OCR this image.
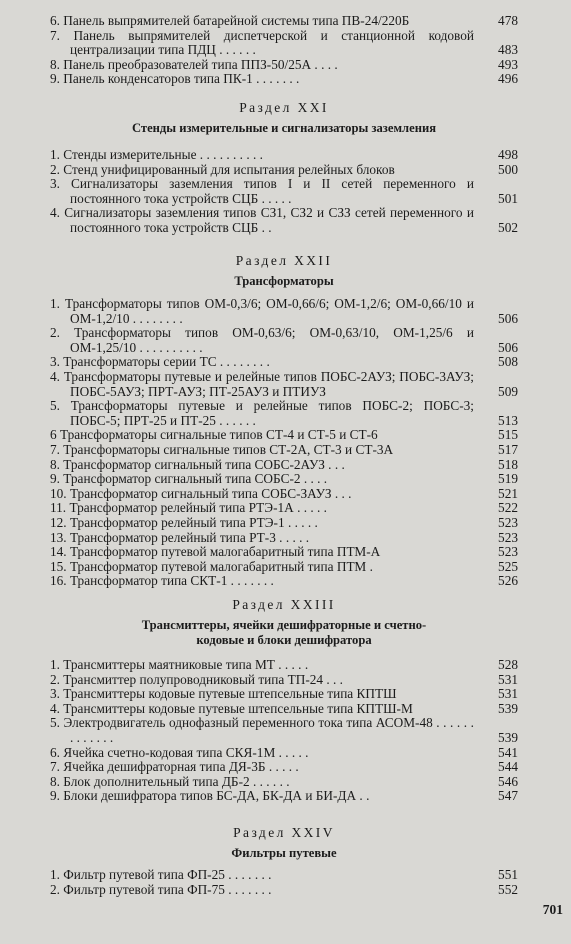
6. Панель выпрямителей батарейной системы типа ПВ-24/220Б	478
7. Панель выпрямителей диспетчерской и станционной кодовой централизации типа ПДЦ . . . . . .	483
8. Панель преобразователей типа ППЗ-50/25А . . . .	493
9. Панель конденсаторов типа ПК-1 . . . . . . .	496
Раздел XXI
Стенды измерительные и сигнализаторы заземления
1. Стенды измерительные . . . . . . . . . .	498
2. Стенд унифицированный для испытания релейных блоков	500
3. Сигнализаторы заземления типов I и II сетей переменного и постоянного тока устройств СЦБ . . . . .	501
4. Сигнализаторы заземления типов СЗ1, СЗ2 и СЗЗ сетей переменного и постоянного тока устройств СЦБ . .	502
Раздел XXII
Трансформаторы
1. Трансформаторы типов ОМ-0,3/6; ОМ-0,66/6; ОМ-1,2/6; ОМ-0,66/10 и ОМ-1,2/10 . . . . . . . .	506
2. Трансформаторы типов ОМ-0,63/6; ОМ-0,63/10, ОМ-1,25/6 и ОМ-1,25/10 . . . . . . . . . .	506
3. Трансформаторы серии ТС . . . . . . . .	508
4. Трансформаторы путевые и релейные типов ПОБС-2АУЗ; ПОБС-3АУЗ; ПОБС-5АУЗ; ПРТ-АУЗ; ПТ-25АУЗ и ПТИУЗ	509
5. Трансформаторы путевые и релейные типов ПОБС-2; ПОБС-3; ПОБС-5; ПРТ-25 и ПТ-25 . . . . . .	513
6 Трансформаторы сигнальные типов СТ-4 и СТ-5 и СТ-6	515
7. Трансформаторы сигнальные типов СТ-2А, СТ-3 и СТ-3А	517
8. Трансформатор сигнальный типа СОБС-2АУЗ . . .	518
9. Трансформатор сигнальный типа СОБС-2 . . . .	519
10. Трансформатор сигнальный типа СОБС-ЗАУЗ . . .	521
11. Трансформатор релейный типа РТЭ-1А . . . . .	522
12. Трансформатор релейный типа РТЭ-1 . . . . .	523
13. Трансформатор релейный типа РТ-3 . . . . .	523
14. Трансформатор путевой малогабаритный типа ПТМ-А	523
15. Трансформатор путевой малогабаритный типа ПТМ .	525
16. Трансформатор типа СКТ-1 . . . . . . .	526
Раздел XXIII
Трансмиттеры, ячейки дешифраторные и счетно-кодовые и блоки дешифратора
1. Трансмиттеры маятниковые типа МТ . . . . .	528
2. Трансмиттер полупроводниковый типа ТП-24 . . .	531
3. Трансмиттеры кодовые путевые штепсельные типа КПТШ	531
4. Трансмиттеры кодовые путевые штепсельные типа КПТШ-М	539
5. Электродвигатель однофазный переменного тока типа АСОМ-48 . . . . . . . . . . . . .	539
6. Ячейка счетно-кодовая типа СКЯ-1М . . . . .	541
7. Ячейка дешифраторная типа ДЯ-3Б . . . . .	544
8. Блок дополнительный типа ДБ-2 . . . . . .	546
9. Блоки дешифратора типов БС-ДА, БК-ДА и БИ-ДА . .	547
Раздел XXIV
Фильтры путевые
1. Фильтр путевой типа ФП-25 . . . . . . .	551
2. Фильтр путевой типа ФП-75 . . . . . . .	552
701
